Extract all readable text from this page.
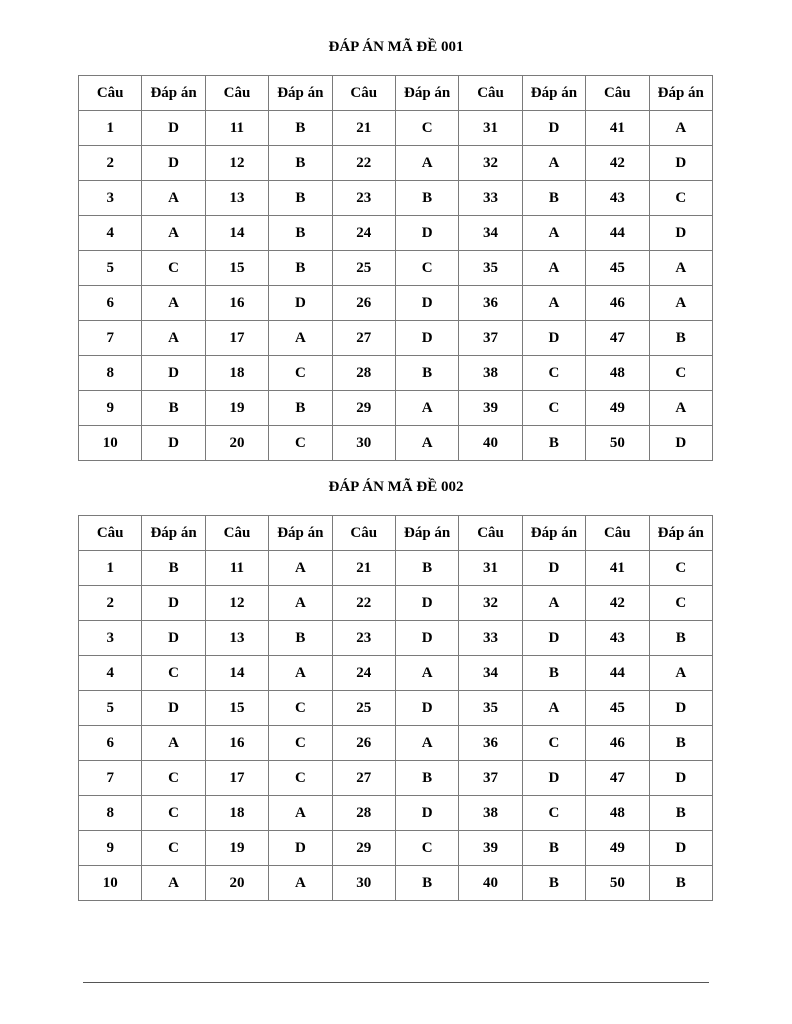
ĐÁP ÁN MÃ ĐỀ 001
Câu	Đáp án	Câu	Đáp án	Câu	Đáp án	Câu	Đáp án	Câu	Đáp án
1	D	11	B	21	C	31	D	41	A
2	D	12	B	22	A	32	A	42	D
3	A	13	B	23	B	33	B	43	C
4	A	14	B	24	D	34	A	44	D
5	C	15	B	25	C	35	A	45	A
6	A	16	D	26	D	36	A	46	A
7	A	17	A	27	D	37	D	47	B
8	D	18	C	28	B	38	C	48	C
9	B	19	B	29	A	39	C	49	A
10	D	20	C	30	A	40	B	50	D
ĐÁP ÁN MÃ ĐỀ 002
Câu	Đáp án	Câu	Đáp án	Câu	Đáp án	Câu	Đáp án	Câu	Đáp án
1	B	11	A	21	B	31	D	41	C
2	D	12	A	22	D	32	A	42	C
3	D	13	B	23	D	33	D	43	B
4	C	14	A	24	A	34	B	44	A
5	D	15	C	25	D	35	A	45	D
6	A	16	C	26	A	36	C	46	B
7	C	17	C	27	B	37	D	47	D
8	C	18	A	28	D	38	C	48	B
9	C	19	D	29	C	39	B	49	D
10	A	20	A	30	B	40	B	50	B
